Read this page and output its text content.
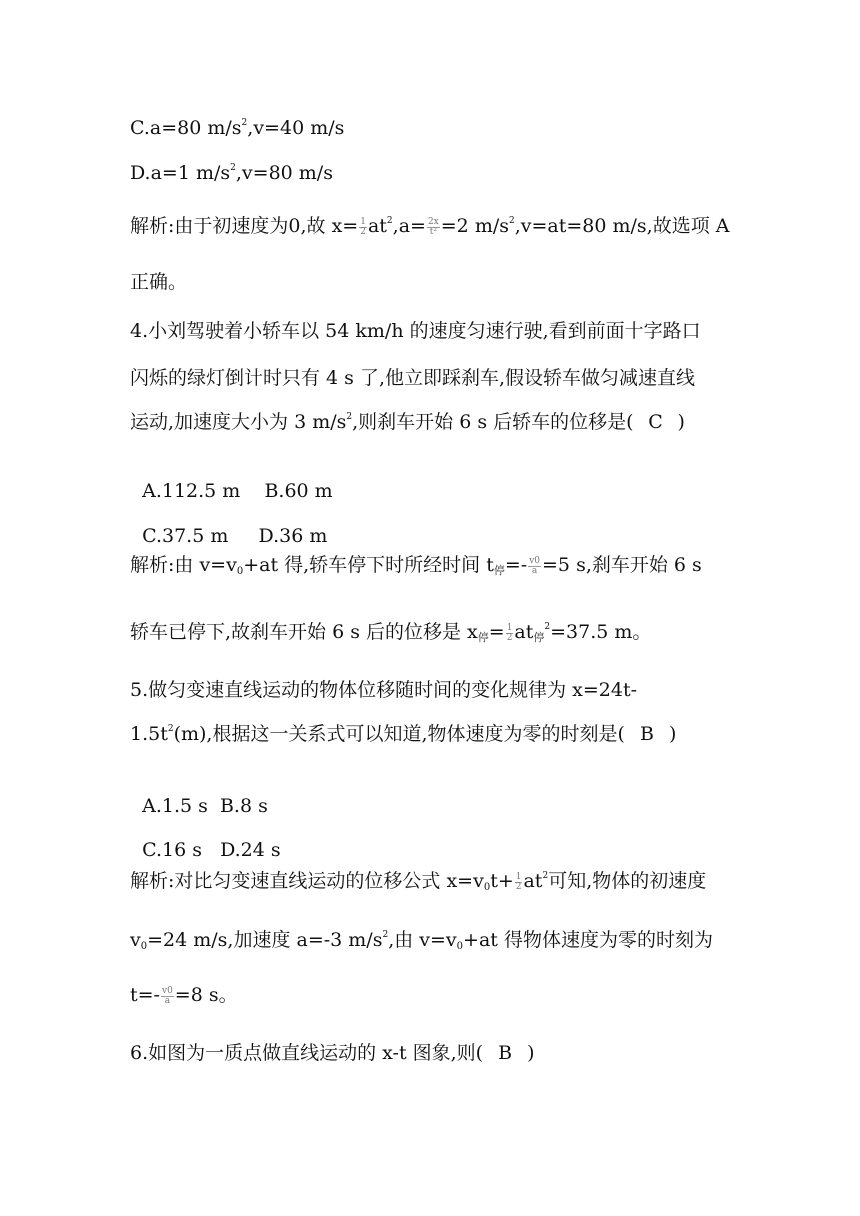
C.a=80 $m/s^2,v=40$ m/s
D.a=1 $m/s^2,v=80$ m/s
解析:由于初速度为0,故 $x= \frac{1}{2} at^2,a= \frac{2x}{\text{t²}} =2$ $m/s^2,v=at=80$ m/s,故选项 A
正确。
4.小刘驾驶着小轿车以 54 km/h 的速度匀速行驶,看到前面十字路口
闪烁的绿灯倒计时只有 4 s 了,他立即踩刹车,假设轿车做匀减速直线
运动,加速度大小为 3 $m/s^2$,则刹车开始 6 s 后轿车的位移是( C )

A.112.5 m    B.60 m

C.37.5 m     D.36 m

解析:由 $v=v_0+at$ 得,轿车停下时所经时间 $t_停=- \frac{v0}{a} =5$ s,刹车开始 6 s
轿车已停下,故刹车开始 6 s 后的位移是 $x_停= \frac{1}{2} at_停^2=37.5$ m。
5.做匀变速直线运动的物体位移随时间的变化规律为 x=24t-
$1.5t^2(m)$,根据这一关系式可以知道,物体速度为零的时刻是( B )

A.1.5 s  B.8 s

C.16 s   D.24 s

解析:对比匀变速直线运动的位移公式 $x=v_0t+ \frac{1}{2} at^2$可知,物体的初速度
$v_0=24$ m/s,加速度 a=-3 $m/s^2$,由 $v=v_0+at$ 得物体速度为零的时刻为
$t=- \frac{v0}{a} =8$ s。
6.如图为一质点做直线运动的 x-t 图象,则( B )
